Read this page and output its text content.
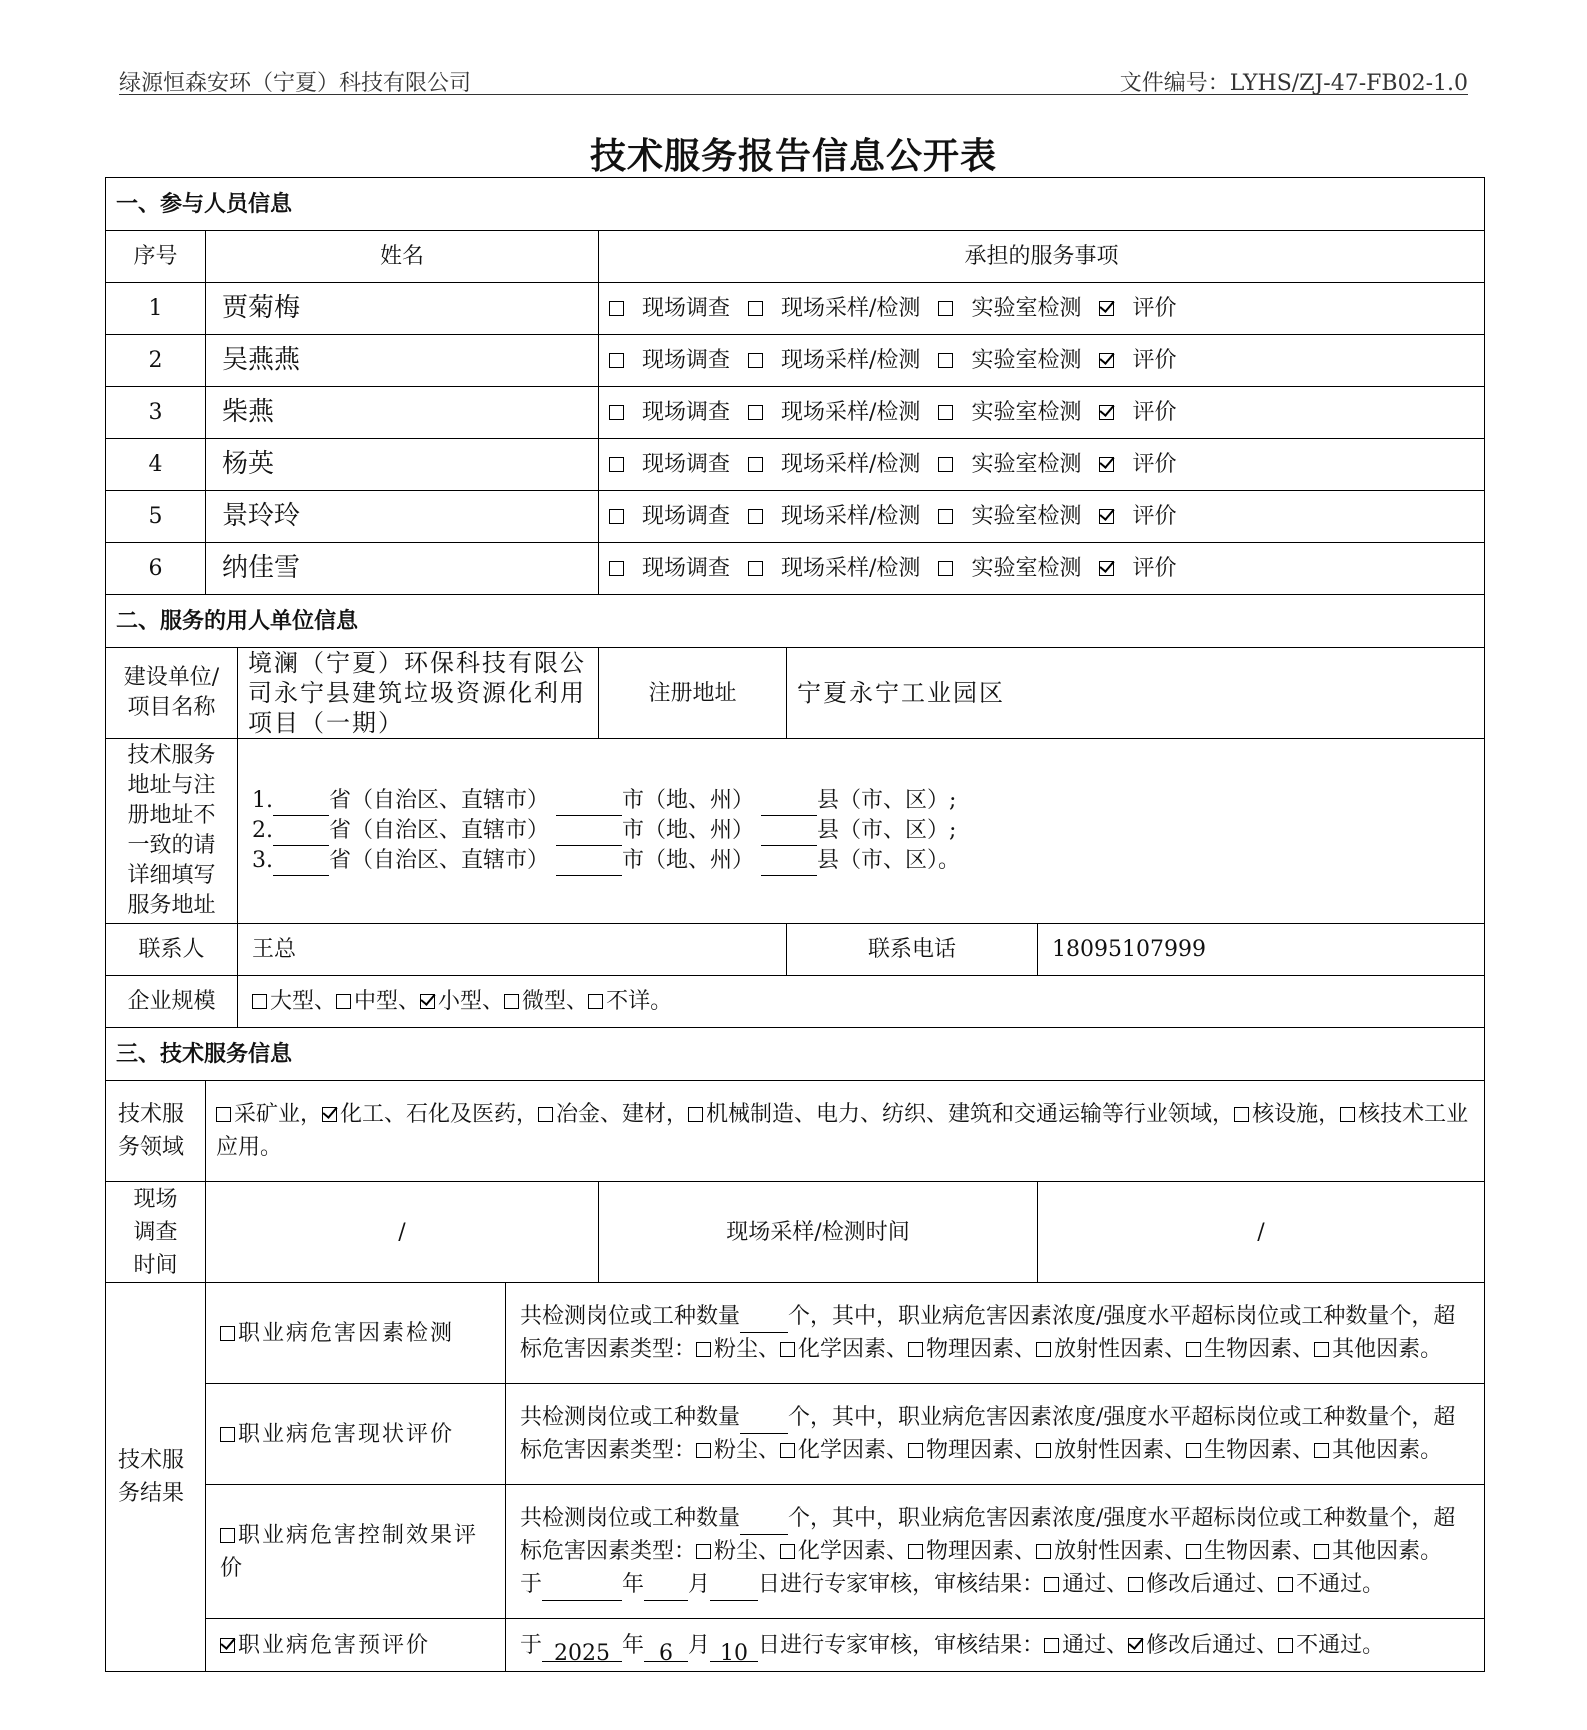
绿源恒森安环（宁夏）科技有限公司	文件编号：LYHS/ZJ-47-FB02-1.0
技术服务报告信息公开表
一、参与人员信息						
序号	姓名			承担的服务事项		
1	贾菊梅			现场调查 现场采样/检测 实验室检测 评价		
2	吴燕燕			现场调查 现场采样/检测 实验室检测 评价		
3	柴燕			现场调查 现场采样/检测 实验室检测 评价		
4	杨英			现场调查 现场采样/检测 实验室检测 评价		
5	景玲玲			现场调查 现场采样/检测 实验室检测 评价		
6	纳佳雪			现场调查 现场采样/检测 实验室检测 评价		
二、服务的用人单位信息						
建设单位/项目名称		境澜（宁夏）环保科技有限公司永宁县建筑垃圾资源化利用项目（一期）		注册地址	宁夏永宁工业园区	
技术服务地址与注册地址不一致的请详细填写服务地址		1. 省（自治区、直辖市） 市（地、州） 县（市、区）;
2. 省（自治区、直辖市） 市（地、州） 县（市、区）;
3. 省（自治区、直辖市） 市（地、州） 县（市、区）。				

联系人		王总			联系电话	18095107999
企业规模		大型、 中型、 小型、 微型、 不详。				
三、技术服务信息						
技术服务领域	采矿业， 化工、石化及医药， 冶金、建材， 机械制造、电力、纺织、建筑和交通运输等行业领域， 核设施， 核技术工业应用。					
现场调查时间	/			现场采样/检测时间		/
技术服务结果	职业病危害因素检测		共检测岗位或工种数量 个，其中，职业病危害因素浓度/强度水平超标岗位或工种数量个，超标危害因素类型： 粉尘、 化学因素、 物理因素、 放射性因素、 生物因素、 其他因素。			
	职业病危害现状评价		共检测岗位或工种数量 个，其中，职业病危害因素浓度/强度水平超标岗位或工种数量个，超标危害因素类型： 粉尘、 化学因素、 物理因素、 放射性因素、 生物因素、 其他因素。			
	职业病危害控制效果评价		共检测岗位或工种数量 个，其中，职业病危害因素浓度/强度水平超标岗位或工种数量个，超标危害因素类型： 粉尘、 化学因素、 物理因素、 放射性因素、 生物因素、 其他因素。
于 年 月 日进行专家审核，审核结果： 通过、 修改后通过、 不通过。			

	职业病危害预评价		于 2025 年 6 月 10 日进行专家审核，审核结果： 通过、 修改后通过、 不通过。			
